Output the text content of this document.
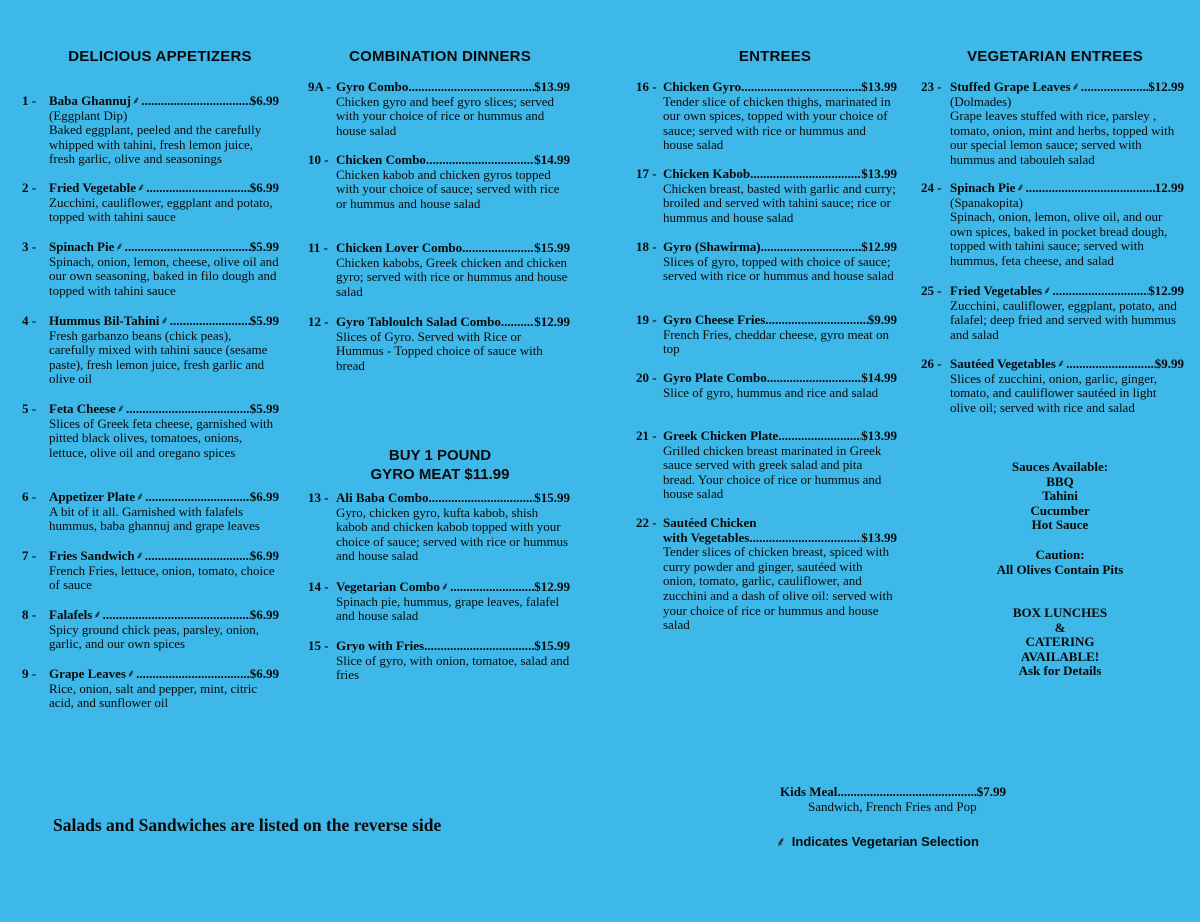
DELICIOUS APPETIZERS	COMBINATION DINNERS	ENTREES	VEGETARIAN ENTREES
1 - Baba Ghannuj ⸙ .....	$6.99
(Eggplant Dip)
Baked eggplant, peeled and the carefully whipped with tahini, fresh lemon juice, fresh garlic, olive and seasonings
2 - Fried Vegetable ⸙ .....	$6.99
Zucchini, cauliflower, eggplant and potato, topped with tahini sauce
3 - Spinach Pie ⸙ .....	$5.99
Spinach, onion, lemon, cheese, olive oil and our own seasoning, baked in filo dough and topped with tahini sauce
4 - Hummus Bil-Tahini ⸙ .....	$5.99
Fresh garbanzo beans (chick peas), carefully mixed with tahini sauce (sesame paste), fresh lemon juice, fresh garlic and olive oil
5 - Feta Cheese ⸙ .....	$5.99
Slices of Greek feta cheese, garnished with pitted black olives, tomatoes, onions, lettuce, olive oil and oregano spices
6 - Appetizer Plate ⸙ .....	$6.99
A bit of it all. Garnished with falafels hummus, baba ghannuj and grape leaves
7 - Fries Sandwich ⸙ .....	$6.99
French Fries, lettuce, onion, tomato, choice of sauce
8 - Falafels ⸙ .....	$6.99
Spicy ground chick peas, parsley, onion, garlic, and our own spices
9 - Grape Leaves ⸙ .....	$6.99
Rice, onion, salt and pepper, mint, citric acid, and sunflower oil
9A - Gyro Combo .....	$13.99
Chicken gyro and beef gyro slices; served with your choice of rice or hummus and house salad
10 - Chicken Combo .....	$14.99
Chicken kabob and chicken gyros topped with your choice of sauce; served with rice or hummus and house salad
11 - Chicken Lover Combo .....	$15.99
Chicken kabobs, Greek chicken and chicken gyro; served with rice or hummus and house salad
12 - Gyro Tabloulch Salad Combo .....	$12.99
Slices of Gyro. Served with Rice or Hummus - Topped choice of sauce with bread
13 - Ali Baba Combo .....	$15.99
Gyro, chicken gyro, kufta kabob, shish kabob and chicken kabob topped with your choice of sauce; served with rice or hummus and house salad
14 - Vegetarian Combo ⸙ .....	$12.99
Spinach pie, hummus, grape leaves, falafel and house salad
15 - Gryo with Fries .....	$15.99
Slice of gyro, with onion, tomatoe, salad and fries
16 - Chicken Gyro .....	$13.99
Tender slice of chicken thighs, marinated in our own spices, topped with your choice of sauce; served with rice or hummus and house salad
17 - Chicken Kabob .....	$13.99
Chicken breast, basted with garlic and curry; broiled and served with tahini sauce; rice or hummus and house salad
18 - Gyro (Shawirma) .....	$12.99
Slices of gyro, topped with choice of sauce; served with rice or hummus and house salad
19 - Gyro Cheese Fries .....	$9.99
French Fries, cheddar cheese, gyro meat on top
20 - Gyro Plate Combo .....	$14.99
Slice of gyro, hummus and rice and salad
21 - Greek Chicken Plate .....	$13.99
Grilled chicken breast marinated in Greek sauce served with greek salad and pita bread. Your choice of rice or hummus and house salad
22 - Sautéed Chicken
with Vegetables .....	$13.99
Tender slices of chicken breast, spiced with curry powder and ginger, sautéed with onion, tomato, garlic, cauliflower, and zucchini and a dash of olive oil: served with your choice of rice or hummus and house salad
23 - Stuffed Grape Leaves ⸙ .....	$12.99
(Dolmades)
Grape leaves stuffed with rice, parsley , tomato, onion, mint and herbs, topped with our special lemon sauce; served with hummus and tabouleh salad
24 - Spinach Pie ⸙ .....	12.99
(Spanakopita)
Spinach, onion, lemon, olive oil, and our own spices, baked in pocket bread dough, topped with tahini sauce; served with hummus, feta cheese, and salad
25 - Fried Vegetables ⸙ .....	$12.99
Zucchini, cauliflower, eggplant, potato, and falafel; deep fried and served with hummus and salad
26 - Sautéed Vegetables ⸙ .....	$9.99
Slices of zucchini, onion, garlic, ginger, tomato, and cauliflower sautéed in light olive oil; served with rice and salad
BUY 1 POUND
GYRO MEAT $11.99	Sauces Available:
BBQ
Tahini
Cucumber
Hot Sauce
Caution:
All Olives Contain Pits
BOX LUNCHES
&
CATERING
AVAILABLE!
Ask for Details
Salads and Sandwiches are listed on the reverse side
Kids Meal .....	$7.99
Sandwich, French Fries and Pop
⸙ Indicates Vegetarian Selection
